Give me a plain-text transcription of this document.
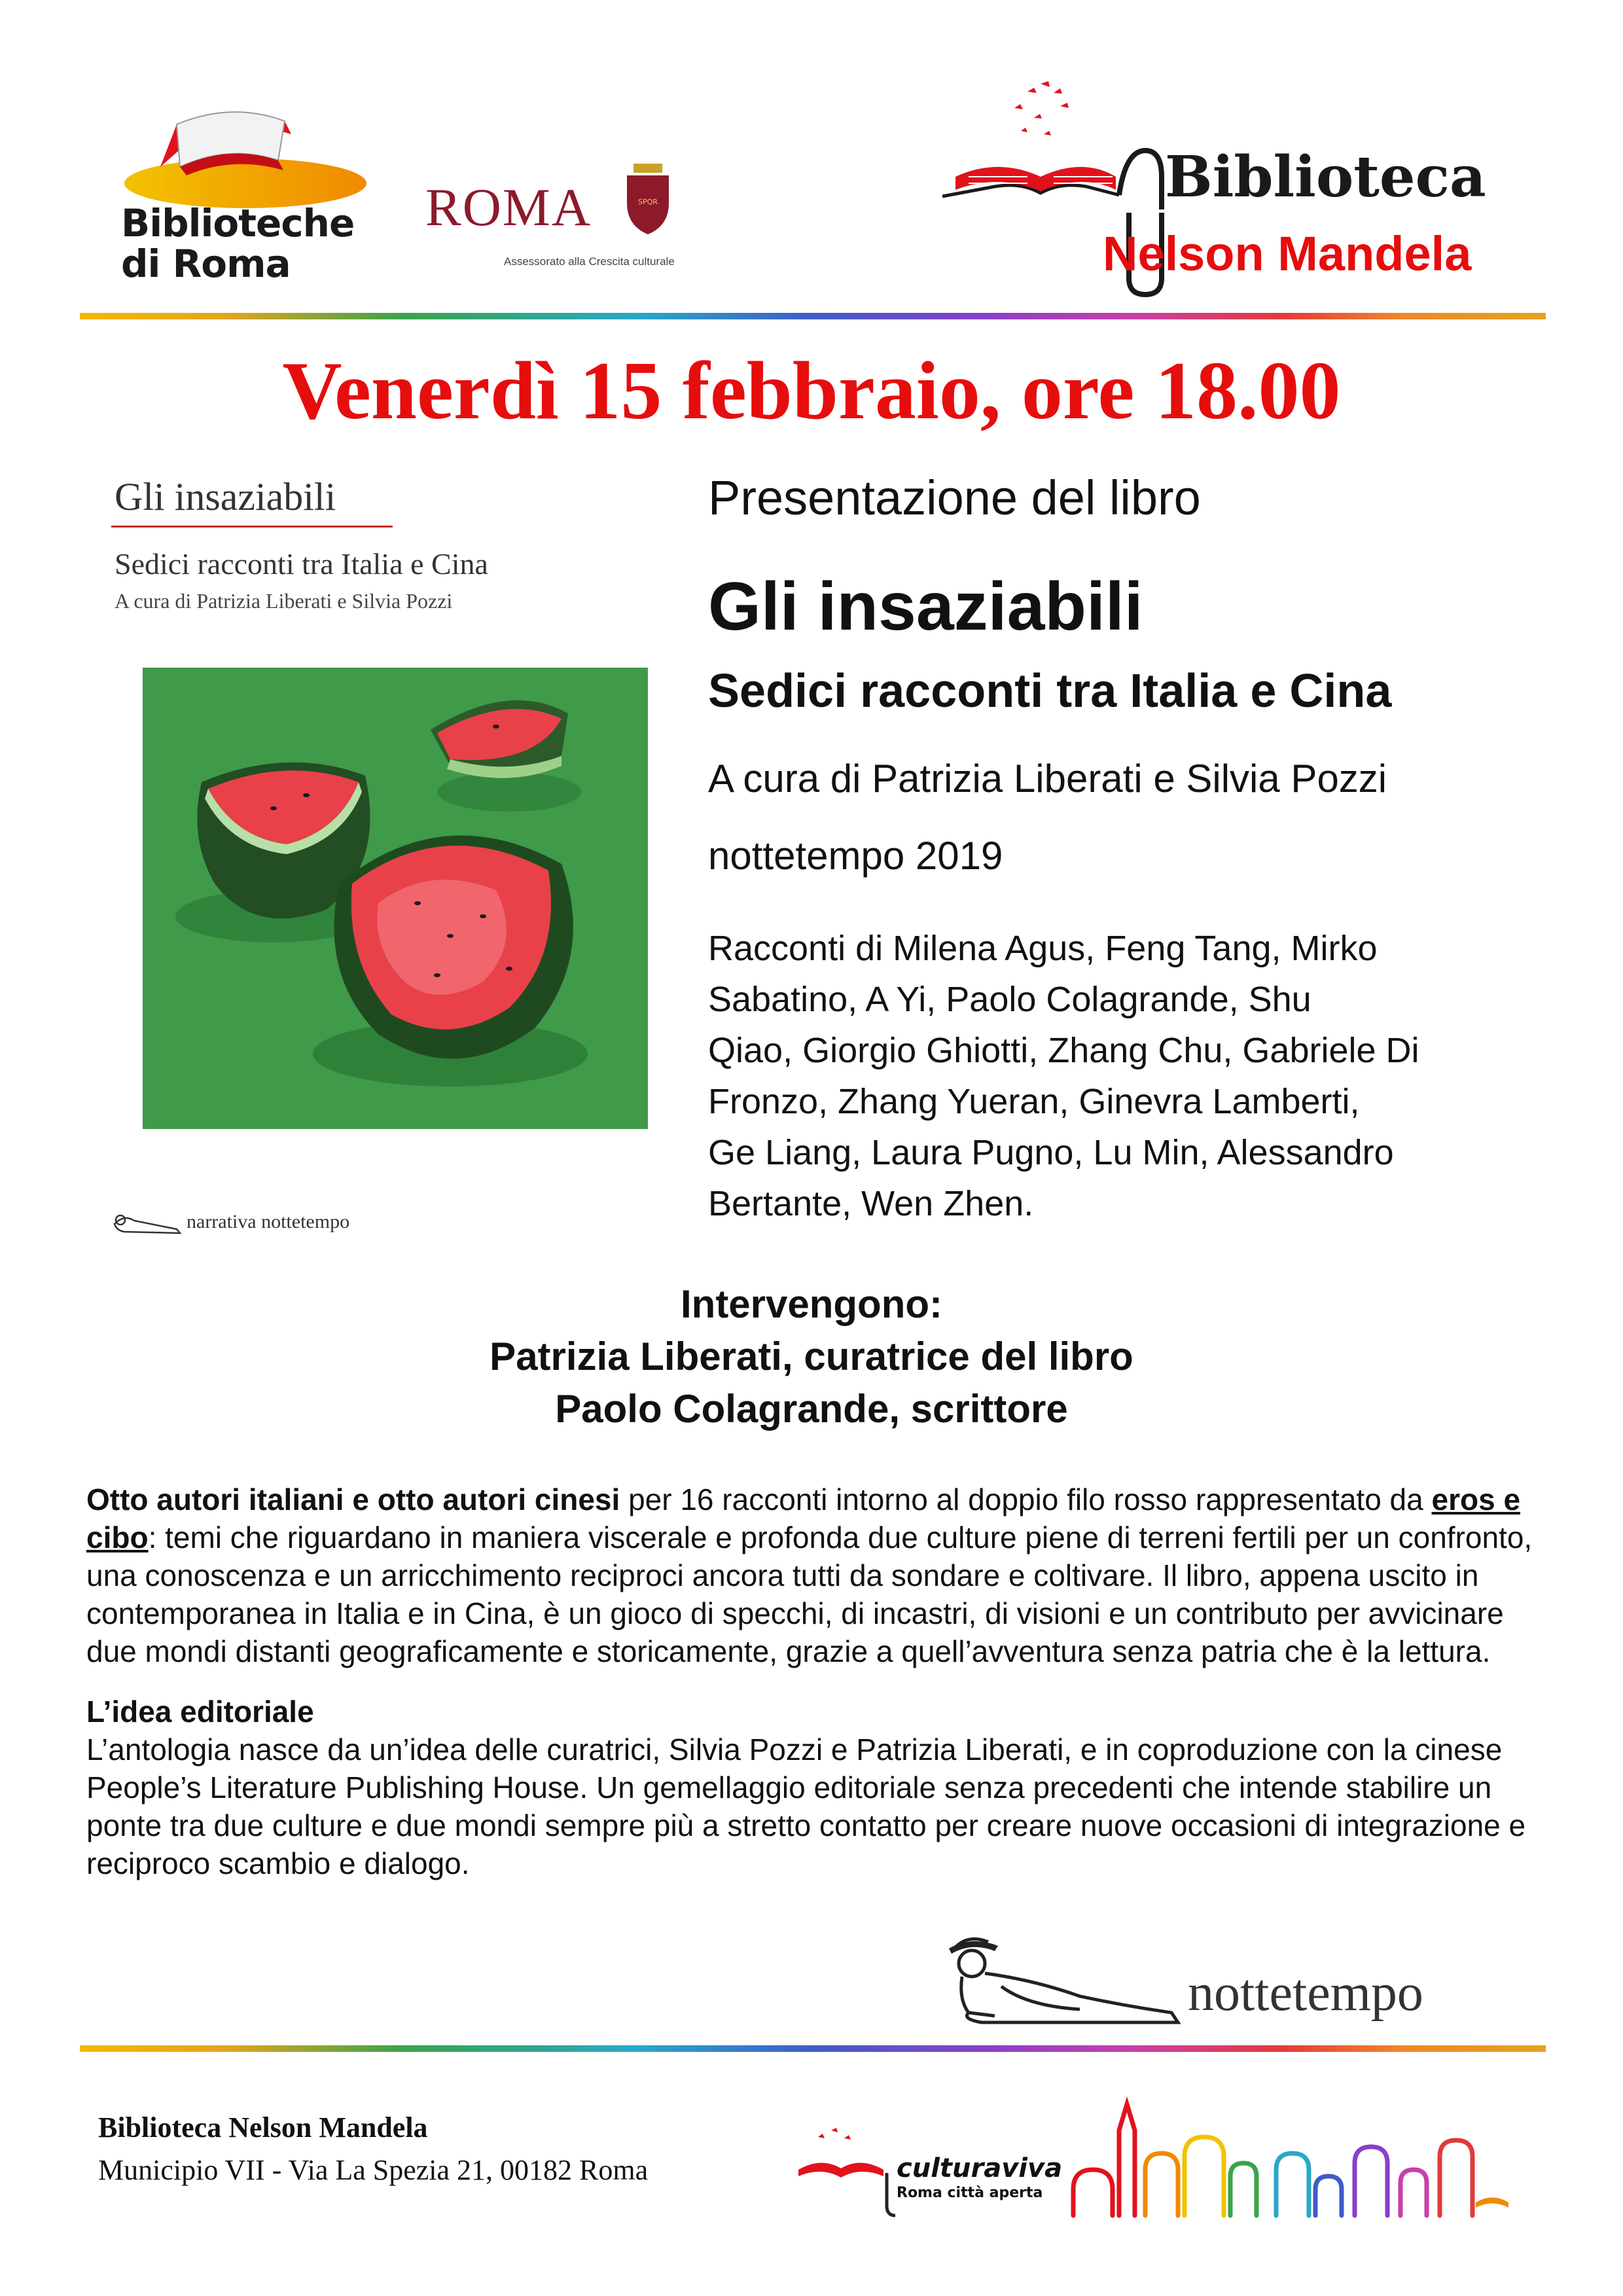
Biblioteche
di Roma
ROMA	SPQR
Assessorato alla Crescita culturale
Biblioteca
Nelson Mandela
Venerdì 15 febbraio, ore 18.00
Gli insaziabili
Sedici racconti tra Italia e Cina
A cura di Patrizia Liberati e Silvia Pozzi
narrativa nottetempo
Presentazione del libro
Gli insaziabili
Sedici racconti tra Italia e Cina
A cura di Patrizia Liberati e Silvia Pozzi
nottetempo 2019
Racconti di Milena Agus, Feng Tang, Mirko
Sabatino, A Yi, Paolo Colagrande, Shu
Qiao, Giorgio Ghiotti, Zhang Chu, Gabriele Di
Fronzo, Zhang Yueran, Ginevra Lamberti,
Ge Liang, Laura Pugno, Lu Min, Alessandro
Bertante, Wen Zhen.
Intervengono:
Patrizia Liberati, curatrice del libro
Paolo Colagrande, scrittore
Otto autori italiani e otto autori cinesi per 16 racconti intorno al doppio filo rosso rappresentato da eros e cibo: temi che riguardano in maniera viscerale e profonda due culture piene di terreni fertili per un confronto, una conoscenza e un arricchimento reciproci ancora tutti da sondare e coltivare. Il libro, appena uscito in contemporanea in Italia e in Cina, è un gioco di specchi, di incastri, di visioni e un contributo per avvicinare due mondi distanti geograficamente e storicamente, grazie a quell’avventura senza patria che è la lettura.
L’idea editoriale
L’antologia nasce da un’idea delle curatrici, Silvia Pozzi e Patrizia Liberati, e in coproduzione con la cinese People’s Literature Publishing House. Un gemellaggio editoriale senza precedenti che intende stabilire un ponte tra due culture e due mondi sempre più a stretto contatto per creare nuove occasioni di integrazione e reciproco scambio e dialogo.
nottetempo
Biblioteca Nelson Mandela
Municipio VII - Via La Spezia 21, 00182 Roma	culturaviva
Roma città aperta
